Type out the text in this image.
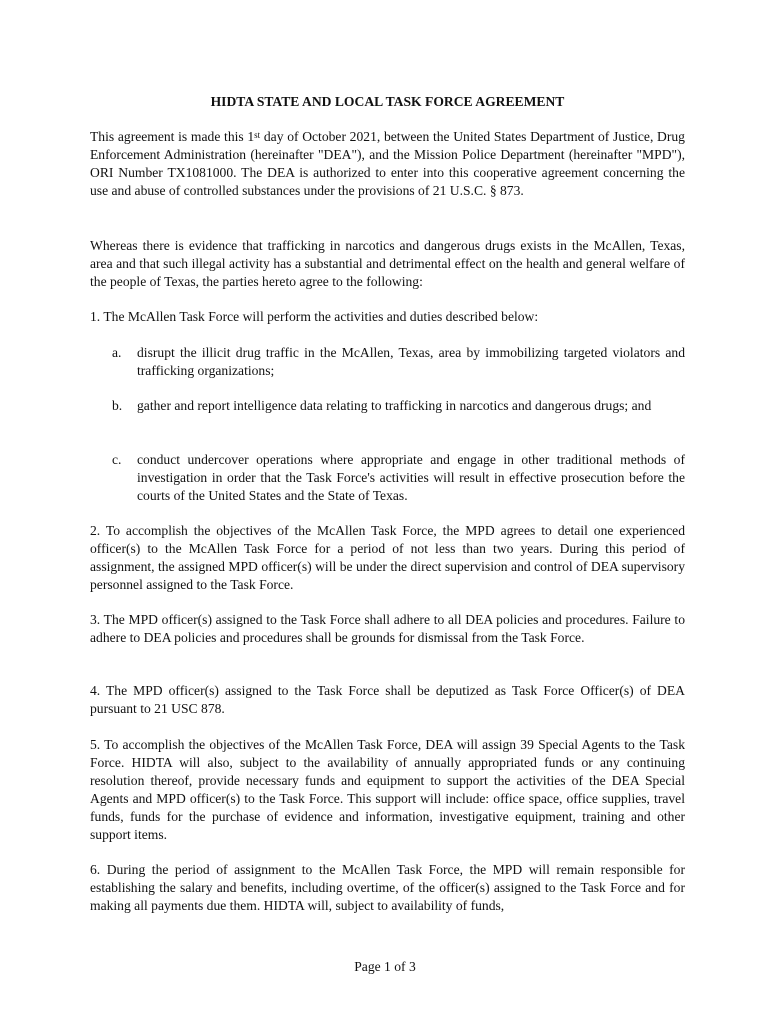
HIDTA STATE AND LOCAL TASK FORCE AGREEMENT

This agreement is made this 1st day of October 2021, between the United States Department of Justice, Drug Enforcement Administration (hereinafter "DEA"), and the Mission Police Department (hereinafter "MPD"), ORI Number TX1081000. The DEA is authorized to enter into this cooperative agreement concerning the use and abuse of controlled substances under the provisions of 21 U.S.C. § 873.

Whereas there is evidence that trafficking in narcotics and dangerous drugs exists in the McAllen, Texas, area and that such illegal activity has a substantial and detrimental effect on the health and general welfare of the people of Texas, the parties hereto agree to the following:

1. The McAllen Task Force will perform the activities and duties described below:

a.	disrupt the illicit drug traffic in the McAllen, Texas, area by immobilizing targeted violators and trafficking organizations;
b.	gather and report intelligence data relating to trafficking in narcotics and dangerous drugs; and
c.	conduct undercover operations where appropriate and engage in other traditional methods of investigation in order that the Task Force's activities will result in effective prosecution before the courts of the United States and the State of Texas.

2. To accomplish the objectives of the McAllen Task Force, the MPD agrees to detail one experienced officer(s) to the McAllen Task Force for a period of not less than two years. During this period of assignment, the assigned MPD officer(s) will be under the direct supervision and control of DEA supervisory personnel assigned to the Task Force.

3. The MPD officer(s) assigned to the Task Force shall adhere to all DEA policies and procedures. Failure to adhere to DEA policies and procedures shall be grounds for dismissal from the Task Force.

4. The MPD officer(s) assigned to the Task Force shall be deputized as Task Force Officer(s) of DEA pursuant to 21 USC 878.

5. To accomplish the objectives of the McAllen Task Force, DEA will assign 39 Special Agents to the Task Force. HIDTA will also, subject to the availability of annually appropriated funds or any continuing resolution thereof, provide necessary funds and equipment to support the activities of the DEA Special Agents and MPD officer(s) to the Task Force. This support will include: office space, office supplies, travel funds, funds for the purchase of evidence and information, investigative equipment, training and other support items.

6. During the period of assignment to the McAllen Task Force, the MPD will remain responsible for establishing the salary and benefits, including overtime, of the officer(s) assigned to the Task Force and for making all payments due them. HIDTA will, subject to availability of funds,

Page 1 of 3
